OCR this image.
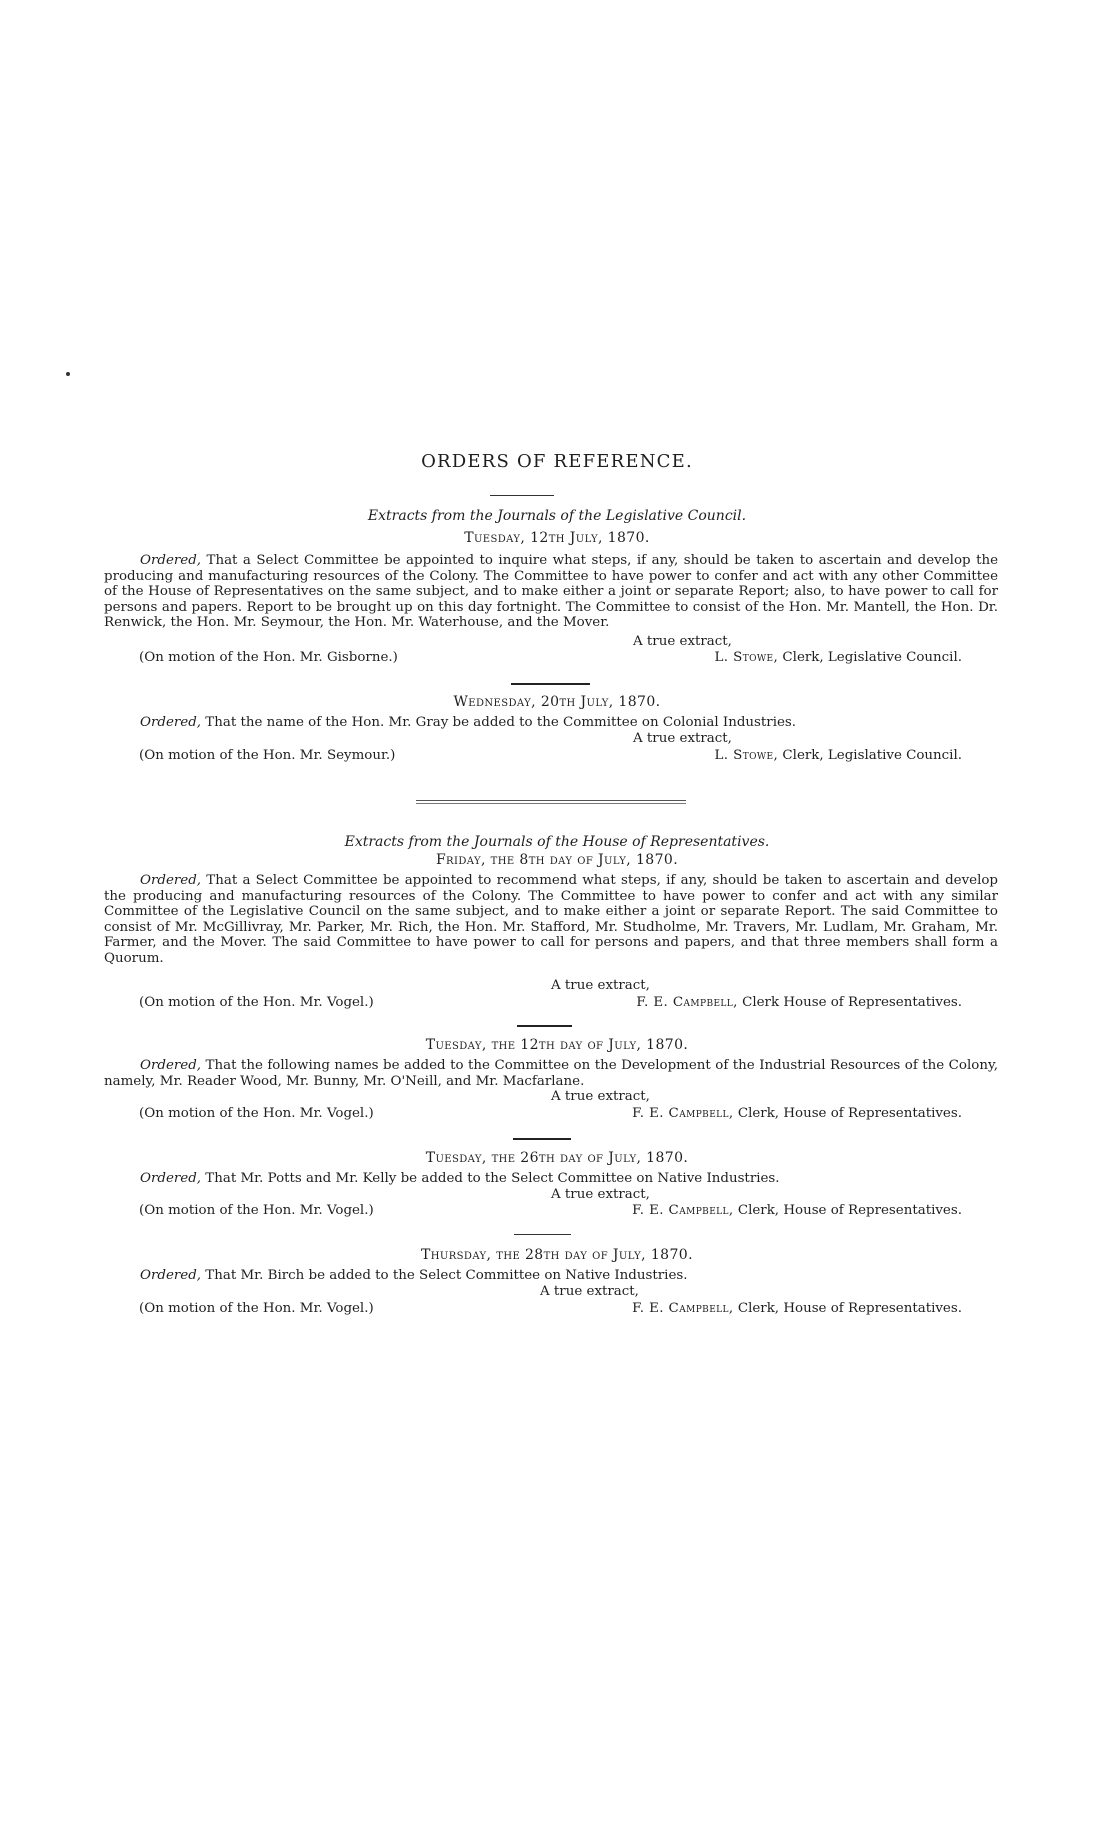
ORDERS OF REFERENCE.
Extracts from the Journals of the Legislative Council.
Tuesday, 12th July, 1870.
Ordered, That a Select Committee be appointed to inquire what steps, if any, should be taken to ascertain and develop the producing and manufacturing resources of the Colony. The Committee to have power to confer and act with any other Committee of the House of Representatives on the same subject, and to make either a joint or separate Report; also, to have power to call for persons and papers. Report to be brought up on this day fortnight. The Committee to consist of the Hon. Mr. Mantell, the Hon. Dr. Renwick, the Hon. Mr. Seymour, the Hon. Mr. Waterhouse, and the Mover.
A true extract,
(On motion of the Hon. Mr. Gisborne.)	L. Stowe, Clerk, Legislative Council.
Wednesday, 20th July, 1870.
Ordered, That the name of the Hon. Mr. Gray be added to the Committee on Colonial Industries.
A true extract,
(On motion of the Hon. Mr. Seymour.)	L. Stowe, Clerk, Legislative Council.
Extracts from the Journals of the House of Representatives.
Friday, the 8th day of July, 1870.
Ordered, That a Select Committee be appointed to recommend what steps, if any, should be taken to ascertain and develop the producing and manufacturing resources of the Colony. The Committee to have power to confer and act with any similar Committee of the Legislative Council on the same subject, and to make either a joint or separate Report. The said Committee to consist of Mr. McGillivray, Mr. Parker, Mr. Rich, the Hon. Mr. Stafford, Mr. Studholme, Mr. Travers, Mr. Ludlam, Mr. Graham, Mr. Farmer, and the Mover. The said Committee to have power to call for persons and papers, and that three members shall form a Quorum.
A true extract,
(On motion of the Hon. Mr. Vogel.)	F. E. Campbell, Clerk House of Representatives.
Tuesday, the 12th day of July, 1870.
Ordered, That the following names be added to the Committee on the Development of the Industrial Resources of the Colony, namely, Mr. Reader Wood, Mr. Bunny, Mr. O'Neill, and Mr. Macfarlane.
A true extract,
(On motion of the Hon. Mr. Vogel.)	F. E. Campbell, Clerk, House of Representatives.
Tuesday, the 26th day of July, 1870.
Ordered, That Mr. Potts and Mr. Kelly be added to the Select Committee on Native Industries.
A true extract,
(On motion of the Hon. Mr. Vogel.)	F. E. Campbell, Clerk, House of Representatives.
Thursday, the 28th day of July, 1870.
Ordered, That Mr. Birch be added to the Select Committee on Native Industries.
A true extract,
(On motion of the Hon. Mr. Vogel.)	F. E. Campbell, Clerk, House of Representatives.
